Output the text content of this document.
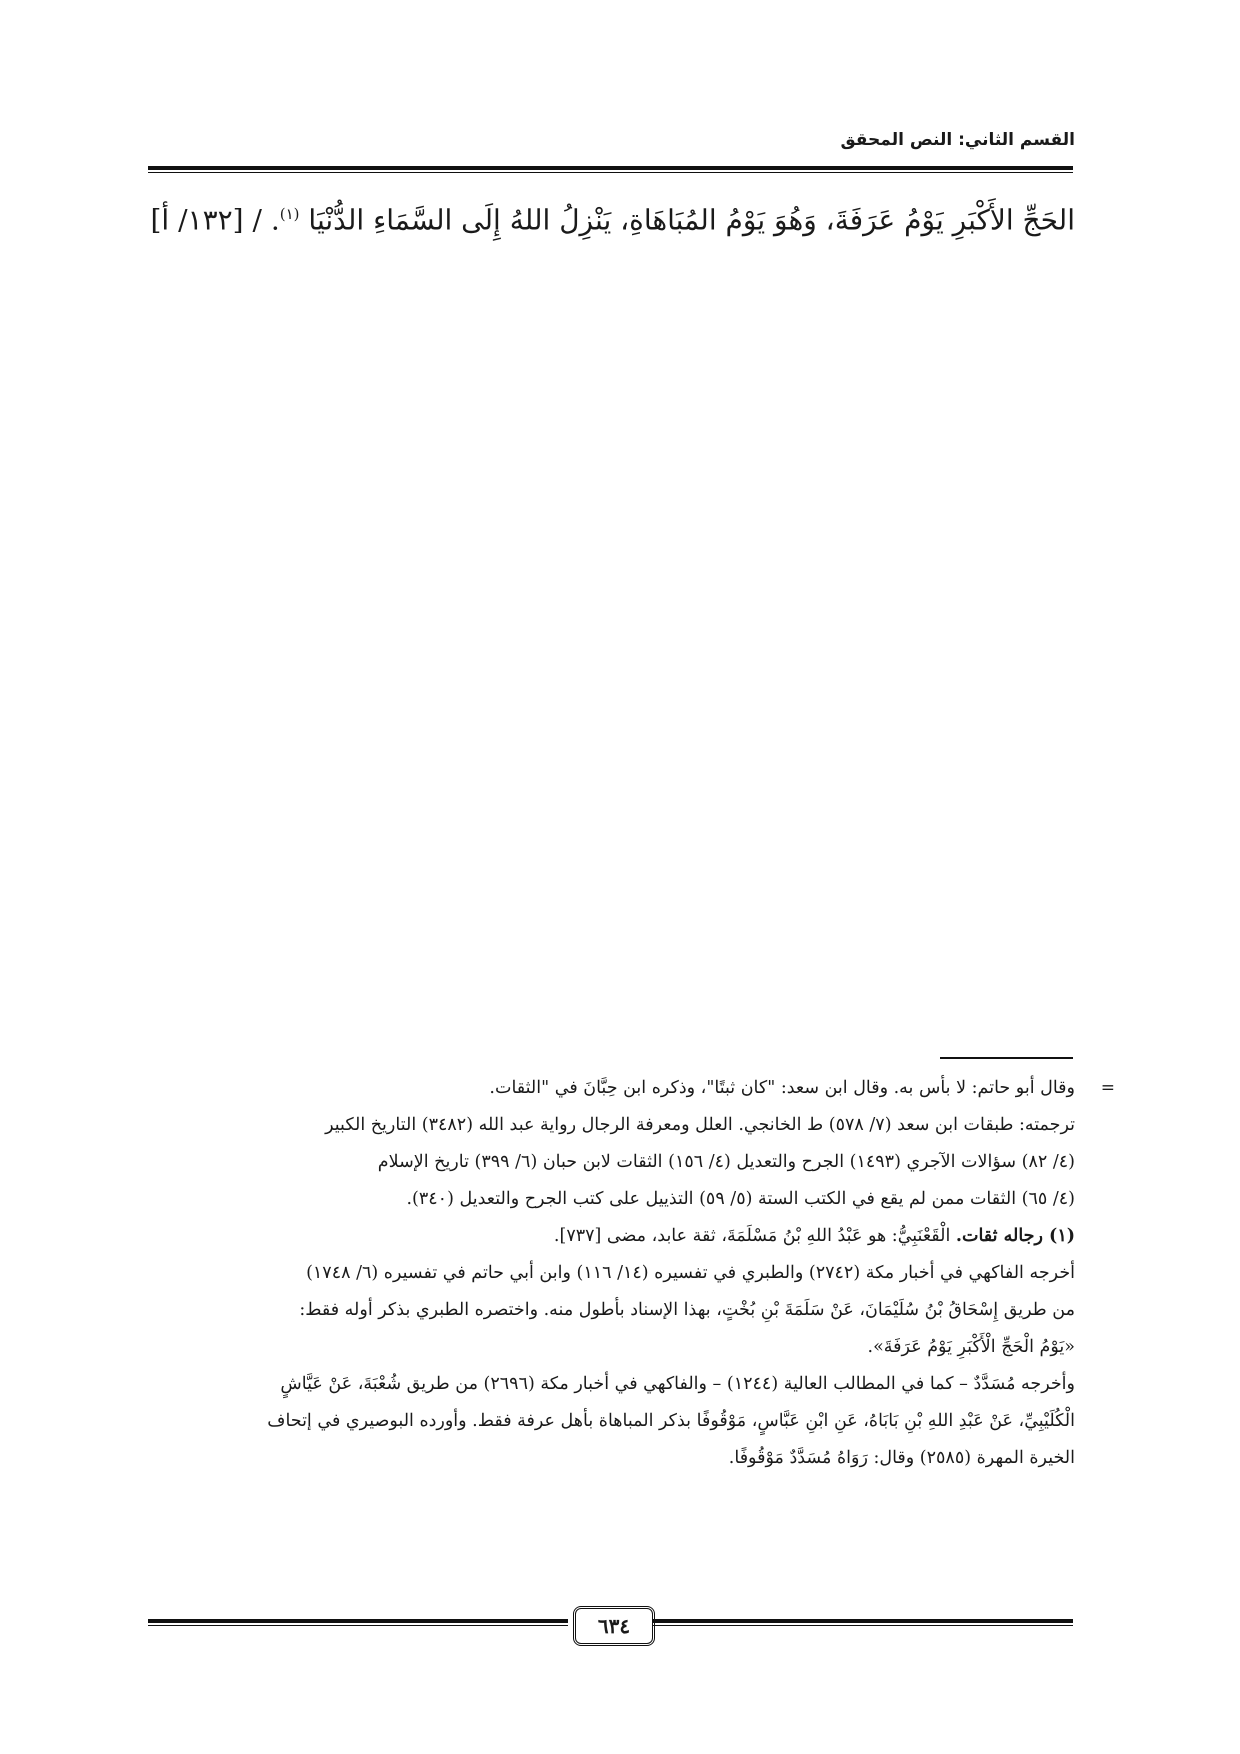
القسم الثاني: النص المحقق
الحَجِّ الأَكْبَرِ يَوْمُ عَرَفَةَ، وَهُوَ يَوْمُ المُبَاهَاةِ، يَنْزِلُ اللهُ إِلَى السَّمَاءِ الدُّنْيَا $^{(١)}$. / [١٣٢/ أ]
=
وقال أبو حاتم: لا بأس به. وقال ابن سعد: "كان ثبتًا"، وذكره ابن حِبَّانَ في "الثقات.
ترجمته: طبقات ابن سعد (٧/ ٥٧٨) ط الخانجي. العلل ومعرفة الرجال رواية عبد الله (٣٤٨٢) التاريخ الكبير
(٤/ ٨٢) سؤالات الآجري (١٤٩٣) الجرح والتعديل (٤/ ١٥٦) الثقات لابن حبان (٦/ ٣٩٩) تاريخ الإسلام
(٤/ ٦٥) الثقات ممن لم يقع في الكتب الستة (٥/ ٥٩) التذييل على كتب الجرح والتعديل (٣٤٠).
(١) رجاله ثقات. الْقَعْنَبِيُّ: هو عَبْدُ اللهِ بْنُ مَسْلَمَةَ، ثقة عابد، مضى [٧٣٧].
أخرجه الفاكهي في أخبار مكة (٢٧٤٢) والطبري في تفسيره (١٤/ ١١٦) وابن أبي حاتم في تفسيره (٦/ ١٧٤٨)
من طريق إِسْحَاقُ بْنُ سُلَيْمَانَ، عَنْ سَلَمَةَ بْنِ بُخْتٍ، بهذا الإسناد بأطول منه. واختصره الطبري بذكر أوله فقط:
«يَوْمُ الْحَجِّ الْأَكْبَرِ يَوْمُ عَرَفَةَ».
وأخرجه مُسَدَّدٌ – كما في المطالب العالية (١٢٤٤) – والفاكهي في أخبار مكة (٢٦٩٦) من طريق شُعْبَةَ، عَنْ عَيَّاشٍ
الْكُلَيْبِيِّ، عَنْ عَبْدِ اللهِ بْنِ بَابَاهُ، عَنِ ابْنِ عَبَّاسٍ، مَوْقُوفًا بذكر المباهاة بأهل عرفة فقط. وأورده البوصيري في إتحاف
الخيرة المهرة (٢٥٨٥) وقال: رَوَاهُ مُسَدَّدٌ مَوْقُوفًا.
٦٣٤
